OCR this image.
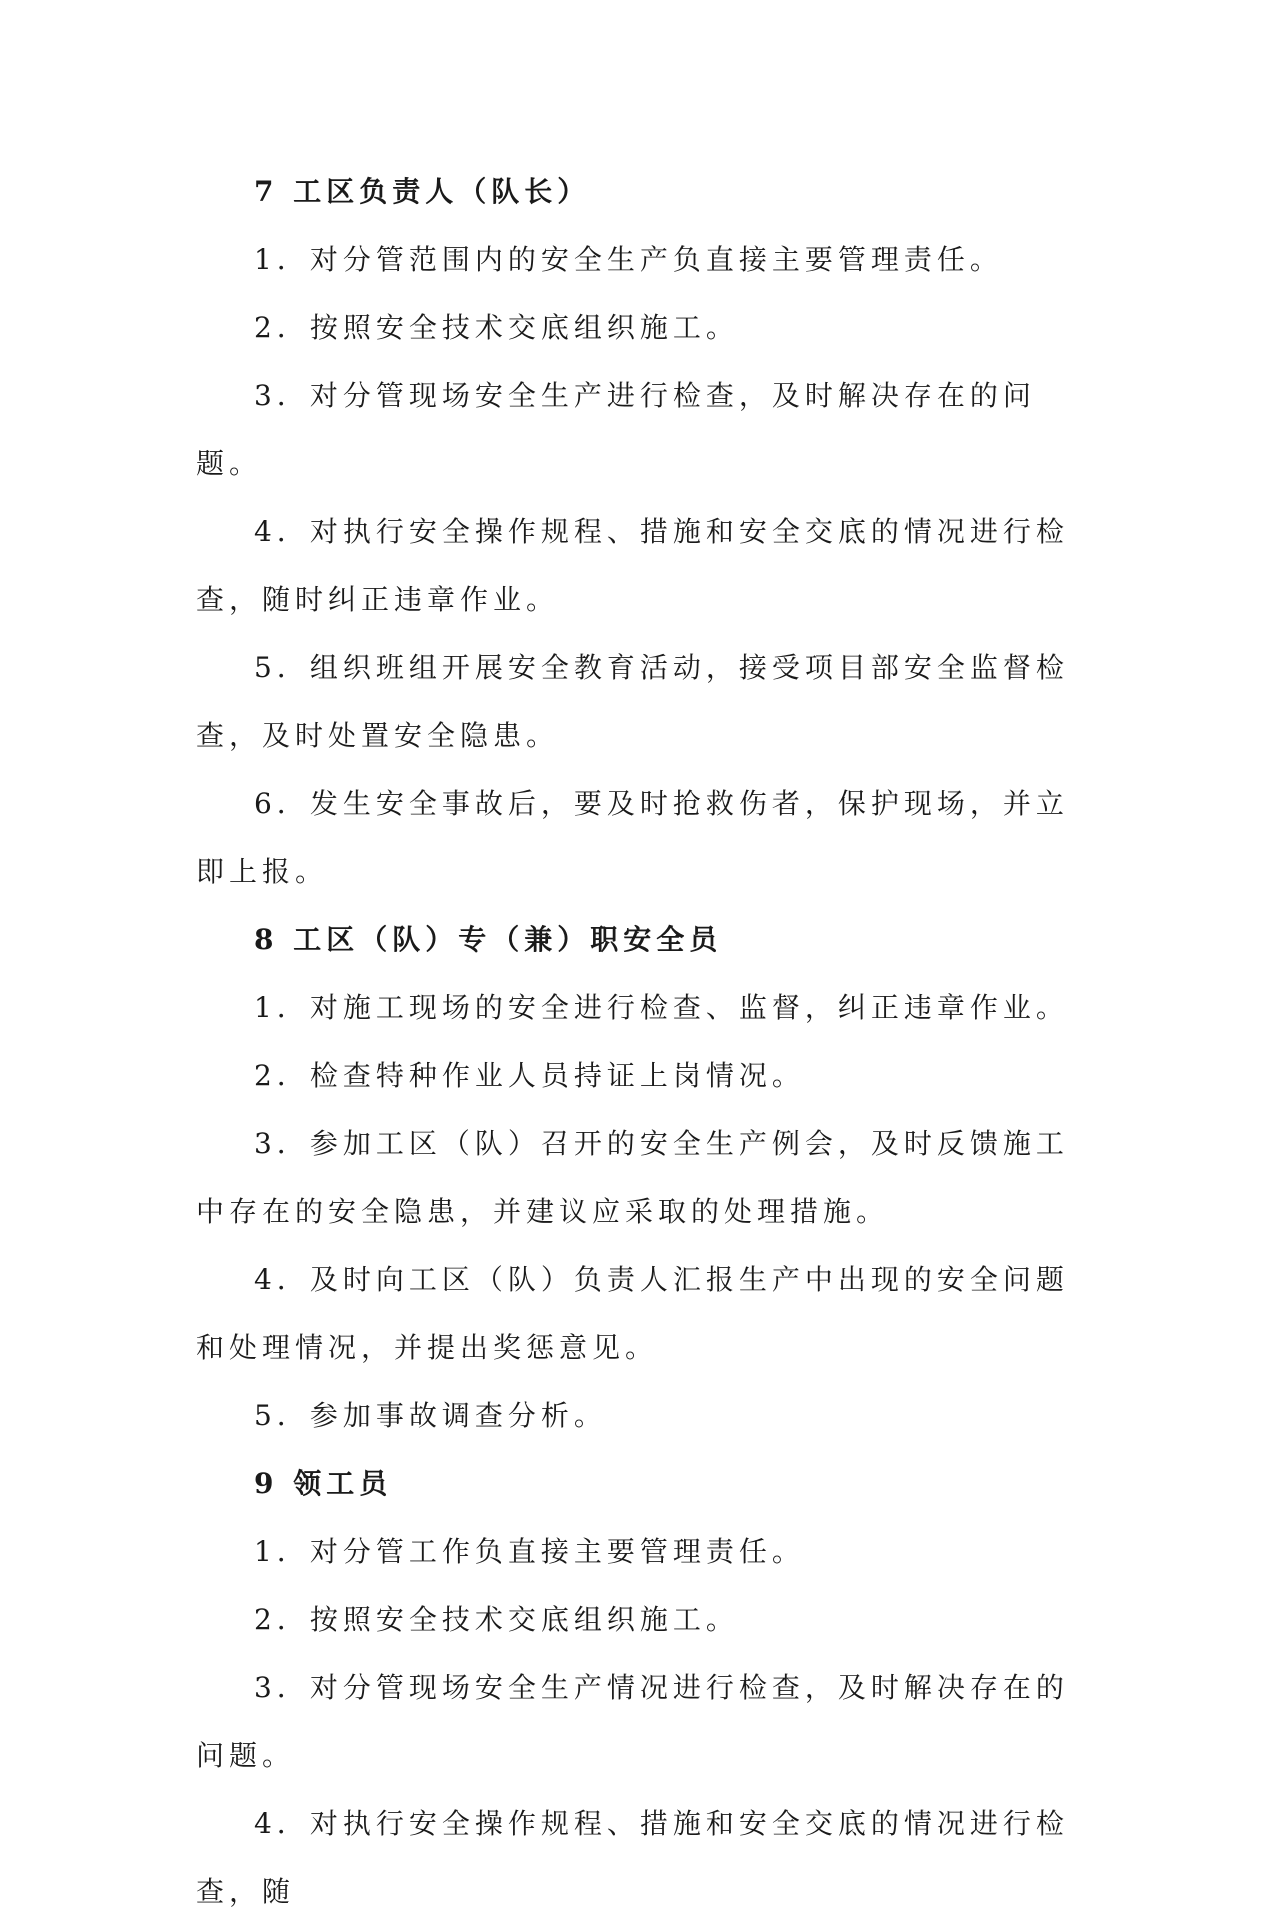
7 工区负责人（队长）

1．对分管范围内的安全生产负直接主要管理责任。

2．按照安全技术交底组织施工。

3．对分管现场安全生产进行检查，及时解决存在的问题。

4．对执行安全操作规程、措施和安全交底的情况进行检查，随时纠正违章作业。

5．组织班组开展安全教育活动，接受项目部安全监督检查，及时处置安全隐患。

6．发生安全事故后，要及时抢救伤者，保护现场，并立即上报。

8 工区（队）专（兼）职安全员

1．对施工现场的安全进行检查、监督，纠正违章作业。

2．检查特种作业人员持证上岗情况。

3．参加工区（队）召开的安全生产例会，及时反馈施工中存在的安全隐患，并建议应采取的处理措施。

4．及时向工区（队）负责人汇报生产中出现的安全问题和处理情况，并提出奖惩意见。

5．参加事故调查分析。

9 领工员

1．对分管工作负直接主要管理责任。

2．按照安全技术交底组织施工。

3．对分管现场安全生产情况进行检查，及时解决存在的问题。

4．对执行安全操作规程、措施和安全交底的情况进行检查，随
